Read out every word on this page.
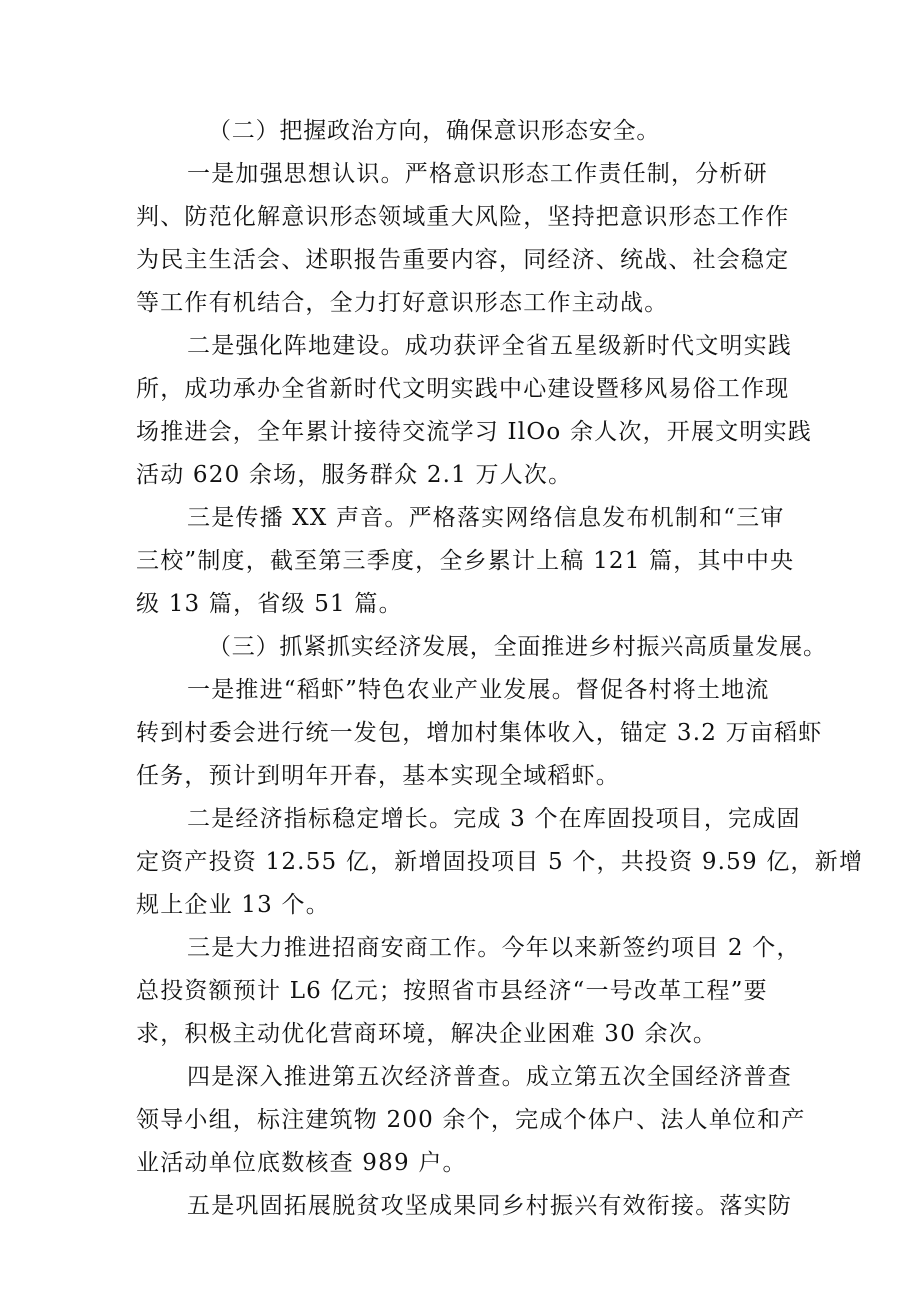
（二）把握政治方向，确保意识形态安全。
一是加强思想认识。严格意识形态工作责任制，分析研
判、防范化解意识形态领域重大风险，坚持把意识形态工作作
为民主生活会、述职报告重要内容，同经济、统战、社会稳定
等工作有机结合，全力打好意识形态工作主动战。
二是强化阵地建设。成功获评全省五星级新时代文明实践
所，成功承办全省新时代文明实践中心建设暨移风易俗工作现
场推进会，全年累计接待交流学习 IlOo 余人次，开展文明实践
活动 620 余场，服务群众 2.1 万人次。
三是传播 XX 声音。严格落实网络信息发布机制和“三审
三校”制度，截至第三季度，全乡累计上稿 121 篇，其中中央
级 13 篇，省级 51 篇。
（三）抓紧抓实经济发展，全面推进乡村振兴高质量发展。
一是推进“稻虾”特色农业产业发展。督促各村将土地流
转到村委会进行统一发包，增加村集体收入，锚定 3.2 万亩稻虾
任务，预计到明年开春，基本实现全域稻虾。
二是经济指标稳定增长。完成 3 个在库固投项目，完成固
定资产投资 12.55 亿，新增固投项目 5 个，共投资 9.59 亿，新增
规上企业 13 个。
三是大力推进招商安商工作。今年以来新签约项目 2 个，
总投资额预计 L6 亿元；按照省市县经济“一号改革工程”要
求，积极主动优化营商环境，解决企业困难 30 余次。
四是深入推进第五次经济普查。成立第五次全国经济普查
领导小组，标注建筑物 200 余个，完成个体户、法人单位和产
业活动单位底数核查 989 户。
五是巩固拓展脱贫攻坚成果同乡村振兴有效衔接。落实防
